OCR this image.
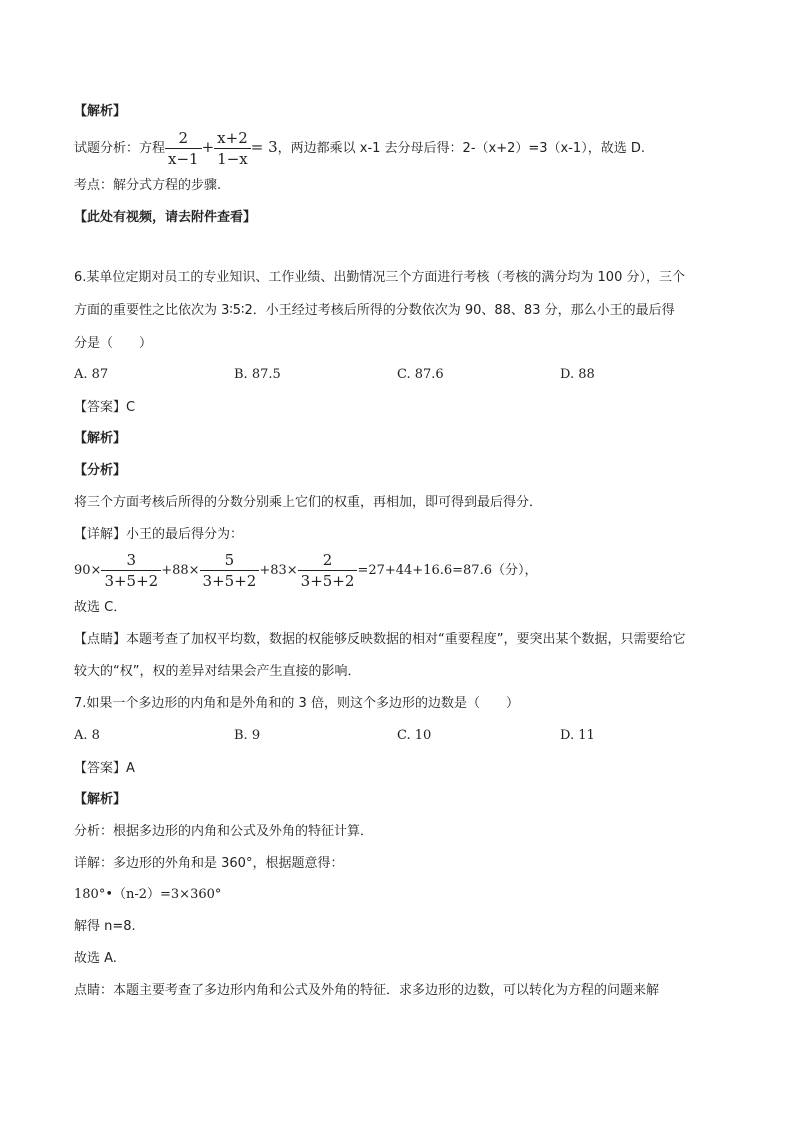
【解析】
试题分析：方程 $\frac{2}{x-1} + \frac{x+2}{1-x} = 3$，两边都乘以 x-1 去分母后得：2-（x+2）=3（x-1），故选 D.
考点：解分式方程的步骤.
【此处有视频，请去附件查看】
6.某单位定期对员工的专业知识、工作业绩、出勤情况三个方面进行考核（考核的满分均为 100 分），三个
方面的重要性之比依次为 3∶5∶2．小王经过考核后所得的分数依次为 90、88、83 分，那么小王的最后得
分是（　　）
A. 87	B. 87.5	C. 87.6	D. 88
【答案】C
【解析】
【分析】
将三个方面考核后所得的分数分别乘上它们的权重，再相加，即可得到最后得分．
【详解】小王的最后得分为：
$90\times \frac{3}{3+5+2} +88\times \frac{5}{3+5+2} +83\times \frac{2}{3+5+2} =27+44+16.6=87.6$（分），
故选 C．
【点睛】本题考查了加权平均数，数据的权能够反映数据的相对“重要程度”，要突出某个数据，只需要给它
较大的“权”，权的差异对结果会产生直接的影响．
7.如果一个多边形的内角和是外角和的 3 倍，则这个多边形的边数是（　　）
A. 8	B. 9	C. 10	D. 11
【答案】A
【解析】
分析：根据多边形的内角和公式及外角的特征计算．
详解：多边形的外角和是 360°，根据题意得：
180°•（n-2）=3×360°
解得 n=8.
故选 A.
点睛：本题主要考查了多边形内角和公式及外角的特征．求多边形的边数，可以转化为方程的问题来解
